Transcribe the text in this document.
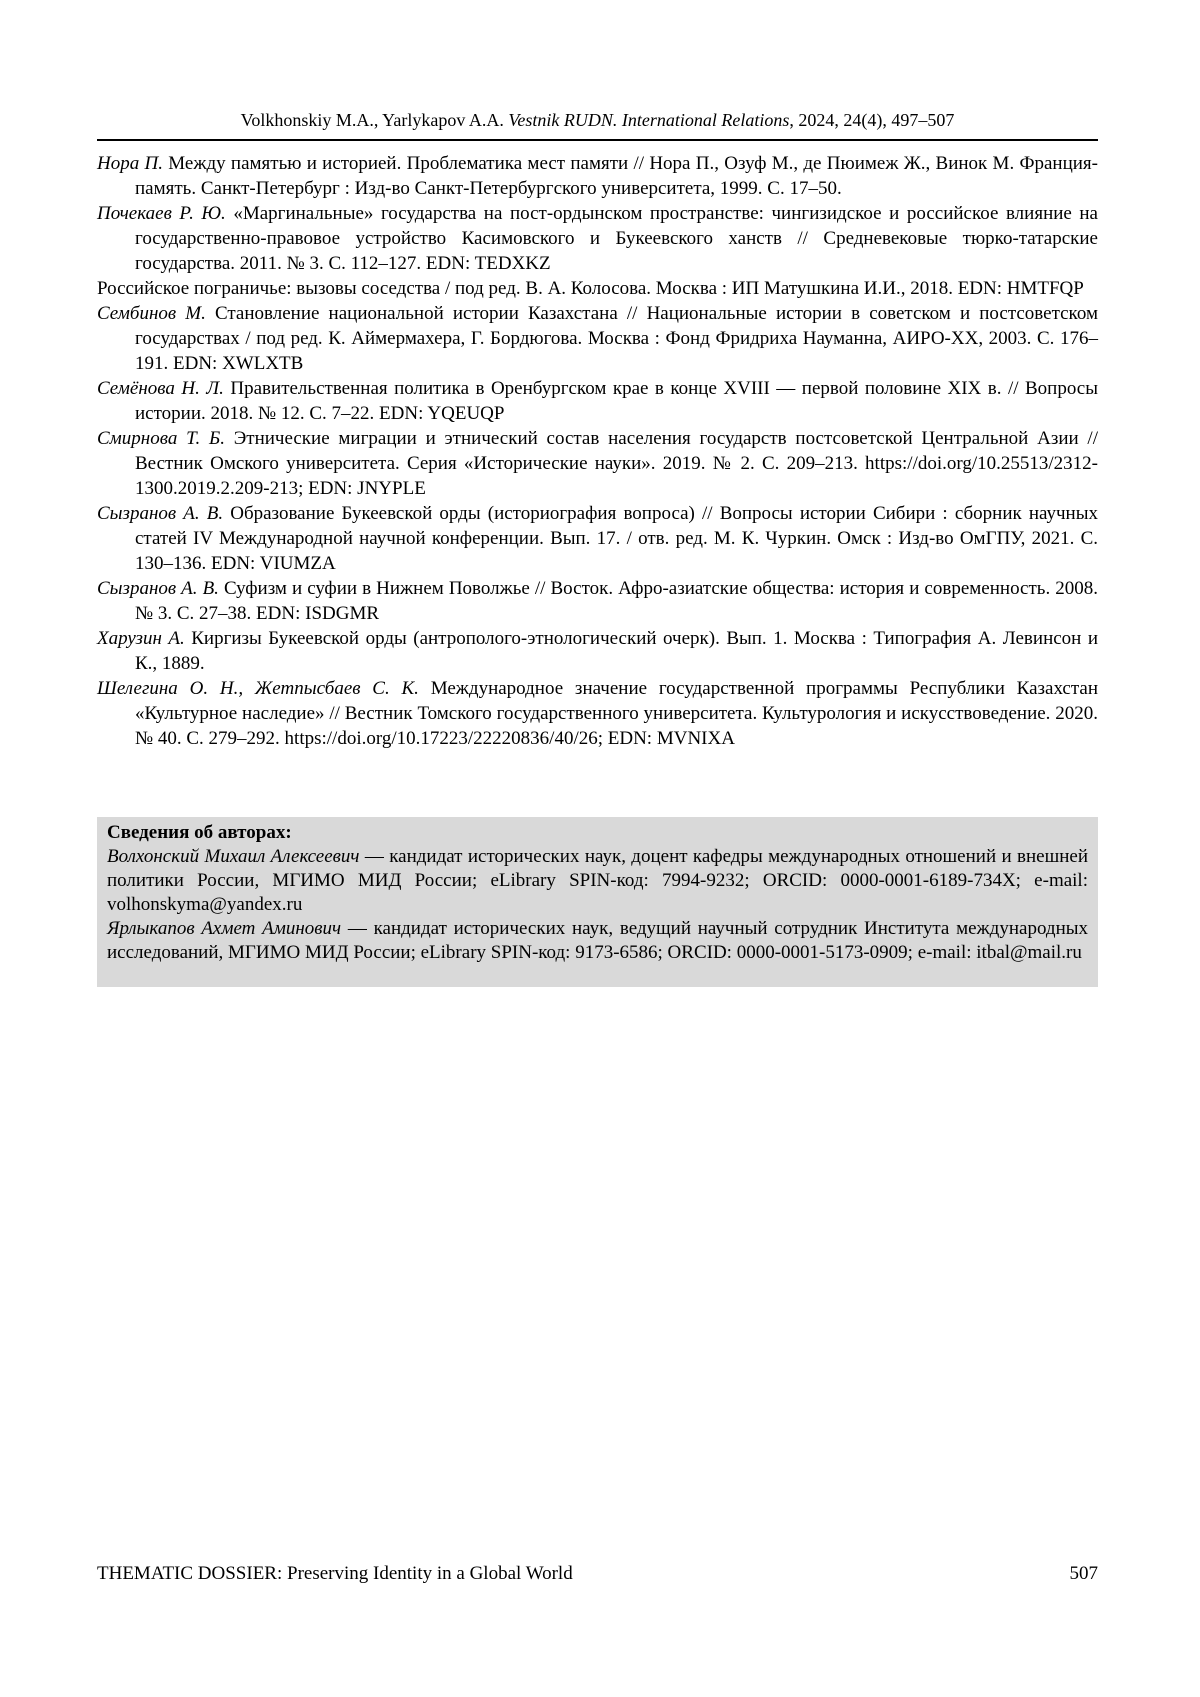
Volkhonskiy M.A., Yarlykapov A.A. Vestnik RUDN. International Relations, 2024, 24(4), 497–507

Нора П. Между памятью и историей. Проблематика мест памяти // Нора П., Озуф М., де Пюимеж Ж., Винок М. Франция-память. Санкт-Петербург : Изд-во Санкт-Петербургского университета, 1999. С. 17–50.

Почекаев Р. Ю. «Маргинальные» государства на пост-ордынском пространстве: чингизидское и российское влияние на государственно-правовое устройство Касимовского и Букеевского ханств // Средневековые тюрко-татарские государства. 2011. № 3. С. 112–127. EDN: TEDXKZ

Российское пограничье: вызовы соседства / под ред. В. А. Колосова. Москва : ИП Матушкина И.И., 2018. EDN: HMTFQP

Сембинов М. Становление национальной истории Казахстана // Национальные истории в советском и постсоветском государствах / под ред. К. Аймермахера, Г. Бордюгова. Москва : Фонд Фридриха Науманна, АИРО-XX, 2003. С. 176–191. EDN: XWLXTB

Семёнова Н. Л. Правительственная политика в Оренбургском крае в конце XVIII — первой половине XIX в. // Вопросы истории. 2018. № 12. С. 7–22. EDN: YQEUQP

Смирнова Т. Б. Этнические миграции и этнический состав населения государств постсоветской Центральной Азии // Вестник Омского университета. Серия «Исторические науки». 2019. № 2. С. 209–213. https://doi.org/10.25513/2312-1300.2019.2.209-213; EDN: JNYPLE

Сызранов А. В. Образование Букеевской орды (историография вопроса) // Вопросы истории Сибири : сборник научных статей IV Международной научной конференции. Вып. 17. / отв. ред. М. К. Чуркин. Омск : Изд-во ОмГПУ, 2021. С. 130–136. EDN: VIUMZA

Сызранов А. В. Суфизм и суфии в Нижнем Поволжье // Восток. Афро-азиатские общества: история и современность. 2008. № 3. С. 27–38. EDN: ISDGMR

Харузин А. Киргизы Букеевской орды (антрополого-этнологический очерк). Вып. 1. Москва : Типография А. Левинсон и К., 1889.

Шелегина О. Н., Жетпысбаев С. К. Международное значение государственной программы Республики Казахстан «Культурное наследие» // Вестник Томского государственного университета. Культурология и искусствоведение. 2020. № 40. С. 279–292. https://doi.org/10.17223/22220836/40/26; EDN: MVNIXA

Сведения об авторах:

Волхонский Михаил Алексеевич — кандидат исторических наук, доцент кафедры международных отношений и внешней политики России, МГИМО МИД России; eLibrary SPIN-код: 7994-9232; ORCID: 0000-0001-6189-734X; e-mail: volhonskyma@yandex.ru

Ярлыкапов Ахмет Аминович — кандидат исторических наук, ведущий научный сотрудник Института международных исследований, МГИМО МИД России; eLibrary SPIN-код: 9173-6586; ORCID: 0000-0001-5173-0909; e-mail: itbal@mail.ru

THEMATIC DOSSIER: Preserving Identity in a Global World	507
